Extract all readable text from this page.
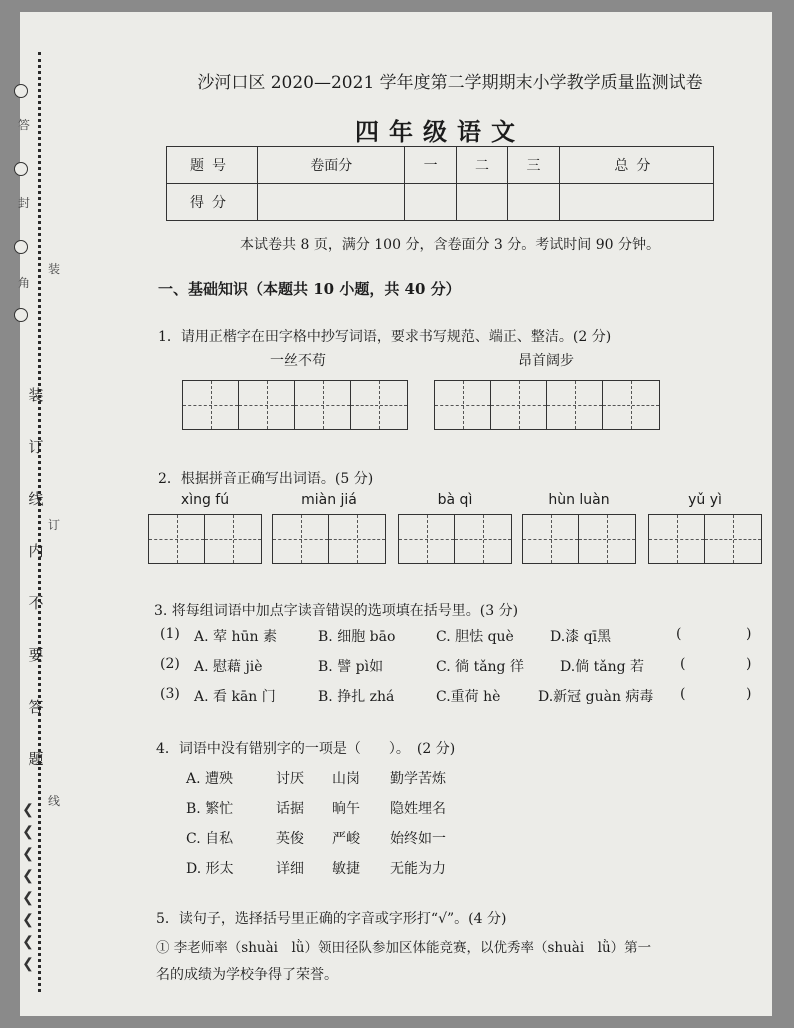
答
封
角
装
订
线
内
不
要
答
题
装
订
线
❮
❮
❮
❮
❮
❮
❮
❮
沙河口区 2020—2021 学年度第二学期期末小学教学质量监测试卷
四年级语文
题号	卷面分	一	二	三	总分
得分					
本试卷共 8 页，满分 100 分，含卷面分 3 分。考试时间 90 分钟。
一、基础知识（本题共 10 小题，共 40 分）
1．请用正楷字在田字格中抄写词语，要求书写规范、端正、整洁。(2 分)
一丝不苟	昂首阔步
2．根据拼音正确写出词语。(5 分)
xìng fú	miàn jiá	bà qì	hùn luàn	yǔ yì
3. 将每组词语中加点字读音错误的选项填在括号里。(3 分)
(1) A. 荤 hūn 素	B. 细胞 bāo	C. 胆怯 què	D.漆 qī黑	(	)
(2) A. 慰藉 jiè	B. 譬 pì如	C. 徜 tǎng 徉	D.倘 tǎng 若	(	)
(3) A. 看 kān 门	B. 挣扎 zhá	C.重荷 hè	D.新冠 guàn 病毒 (	)
4．词语中没有错别字的一项是（　　）。　(2 分)
A. 遭殃	讨厌 山岗 勤学苦炼
B. 繁忙	话据 晌午 隐姓埋名
C. 自私	英俊 严峻 始终如一
D. 形太	详细 敏捷 无能为力
5．读句子，选择括号里正确的字音或字形打“√”。(4 分)
① 李老师率（shuài　lǜ）领田径队参加区体能竞赛，以优秀率（shuài　lǜ）第一
名的成绩为学校争得了荣誉。
